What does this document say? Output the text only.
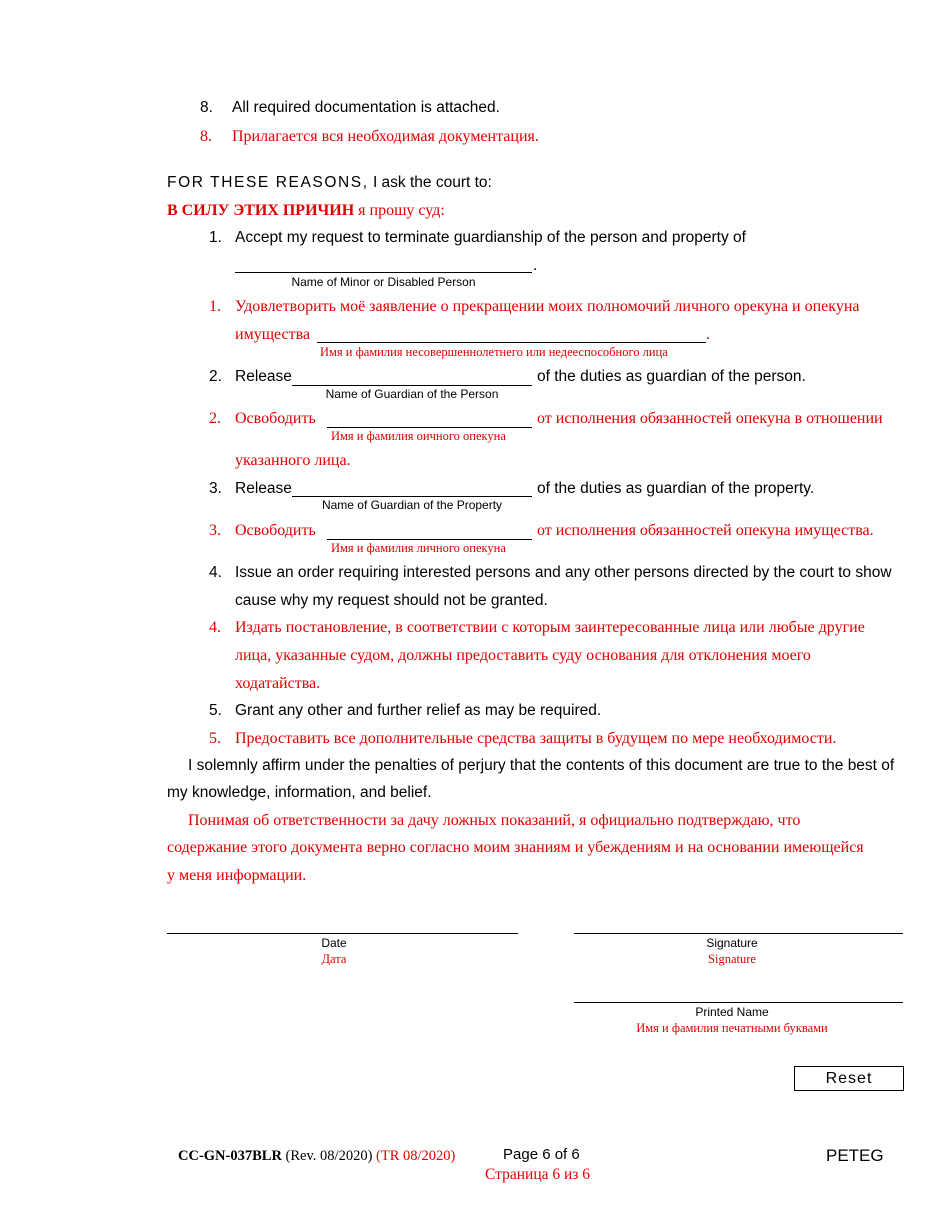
8. All required documentation is attached.
8. Прилагается вся необходимая документация.
FOR THESE REASONS, I ask the court to:
В СИЛУ ЭТИХ ПРИЧИН я прошу суд:
1. Accept my request to terminate guardianship of the person and property of
.
Name of Minor or Disabled Person
1. Удовлетворить моё заявление о прекращении моих полномочий личного орекуна и опекуна
имущества	.
Имя и фамилия несовершеннолетнего или недееспособного лица
2. Release	of the duties as guardian of the person.
Name of Guardian of the Person
2. Освободить	от исполнения обязанностей опекуна в отношении
Имя и фамилия оичного опекуна
указанного лица.
3. Release	of the duties as guardian of the property.
Name of Guardian of the Property
3. Освободить	от исполнения обязанностей опекуна имущества.
Имя и фамилия личного опекуна
4. Issue an order requiring interested persons and any other persons directed by the court to show
cause why my request should not be granted.
4. Издать постановление, в соответствии с которым заинтересованные лица или любые другие
лица, указанные судом, должны предоставить суду основания для отклонения моего
ходатайства.
5. Grant any other and further relief as may be required.
5. Предоставить все дополнительные средства защиты в будущем по мере необходимости.
I solemnly affirm under the penalties of perjury that the contents of this document are true to the best of
my knowledge, information, and belief.
Понимая об ответственности за дачу ложных показаний, я официально подтверждаю, что
содержание этого документа верно согласно моим знаниям и убеждениям и на основании имеющейся
у меня информации.
Date
Дата
Signature
Signature
Printed Name
Имя и фамилия печатными буквами
Reset
CC-GN-037BLR (Rev. 08/2020) (TR 08/2020)	Page 6 of 6
Страница 6 из 6
PETEG
